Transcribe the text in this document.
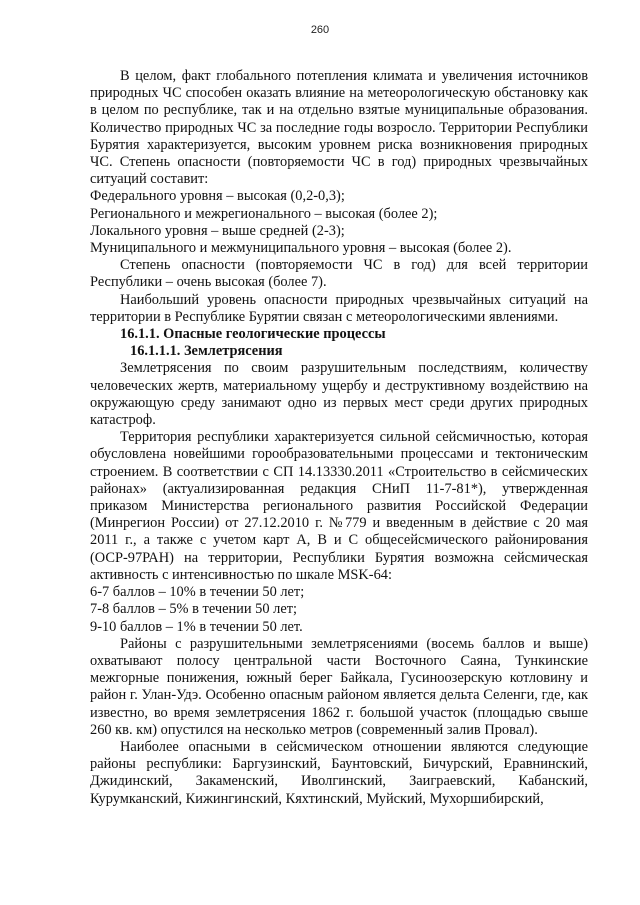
260

В целом, факт глобального потепления климата и увеличения источников природных ЧС способен оказать влияние на метеорологическую обстановку как в целом по республике, так и на отдельно взятые муниципальные образования. Количество природных ЧС за последние годы возросло. Территории Республики Бурятия характеризуется, высоким уровнем риска возникновения природных ЧС. Степень опасности (повторяемости ЧС в год) природных чрезвычайных ситуаций составит:

Федерального уровня – высокая (0,2-0,3);

Регионального и межрегионального – высокая (более 2);

Локального уровня – выше средней (2-3);

Муниципального и межмуниципального уровня – высокая (более 2).

Степень опасности (повторяемости ЧС в год) для всей территории Республики – очень высокая (более 7).

Наибольший уровень опасности природных чрезвычайных ситуаций на территории в Республике Бурятии связан с метеорологическими явлениями.

16.1.1. Опасные геологические процессы

16.1.1.1. Землетрясения

Землетрясения по своим разрушительным последствиям, количеству человеческих жертв, материальному ущербу и деструктивному воздействию на окружающую среду занимают одно из первых мест среди других природных катастроф.

Территория республики характеризуется сильной сейсмичностью, которая обусловлена новейшими горообразовательными процессами и тектоническим строением. В соответствии с СП 14.13330.2011 «Строительство в сейсмических районах» (актуализированная редакция СНиП 11-7-81*), утвержденная приказом Министерства регионального развития Российской Федерации (Минрегион России) от 27.12.2010 г. №779 и введенным в действие с 20 мая 2011 г., а также с учетом карт А, В и С общесейсмического районирования (ОСР-97РАН) на территории, Республики Бурятия возможна сейсмическая активность с интенсивностью по шкале MSK-64:

6-7 баллов – 10% в течении 50 лет;

7-8 баллов – 5% в течении 50 лет;

9-10 баллов – 1% в течении 50 лет.

Районы с разрушительными землетрясениями (восемь баллов и выше) охватывают полосу центральной части Восточного Саяна, Тункинские межгорные понижения, южный берег Байкала, Гусиноозерскую котловину и район г. Улан-Удэ. Особенно опасным районом является дельта Селенги, где, как известно, во время землетрясения 1862 г. большой участок (площадью свыше 260 кв. км) опустился на несколько метров (современный залив Провал).

Наиболее опасными в сейсмическом отношении являются следующие районы республики: Баргузинский, Баунтовский, Бичурский, Еравнинский, Джидинский, Закаменский, Иволгинский, Заиграевский, Кабанский, Курумканский, Кижингинский, Кяхтинский, Муйский, Мухоршибирский,
